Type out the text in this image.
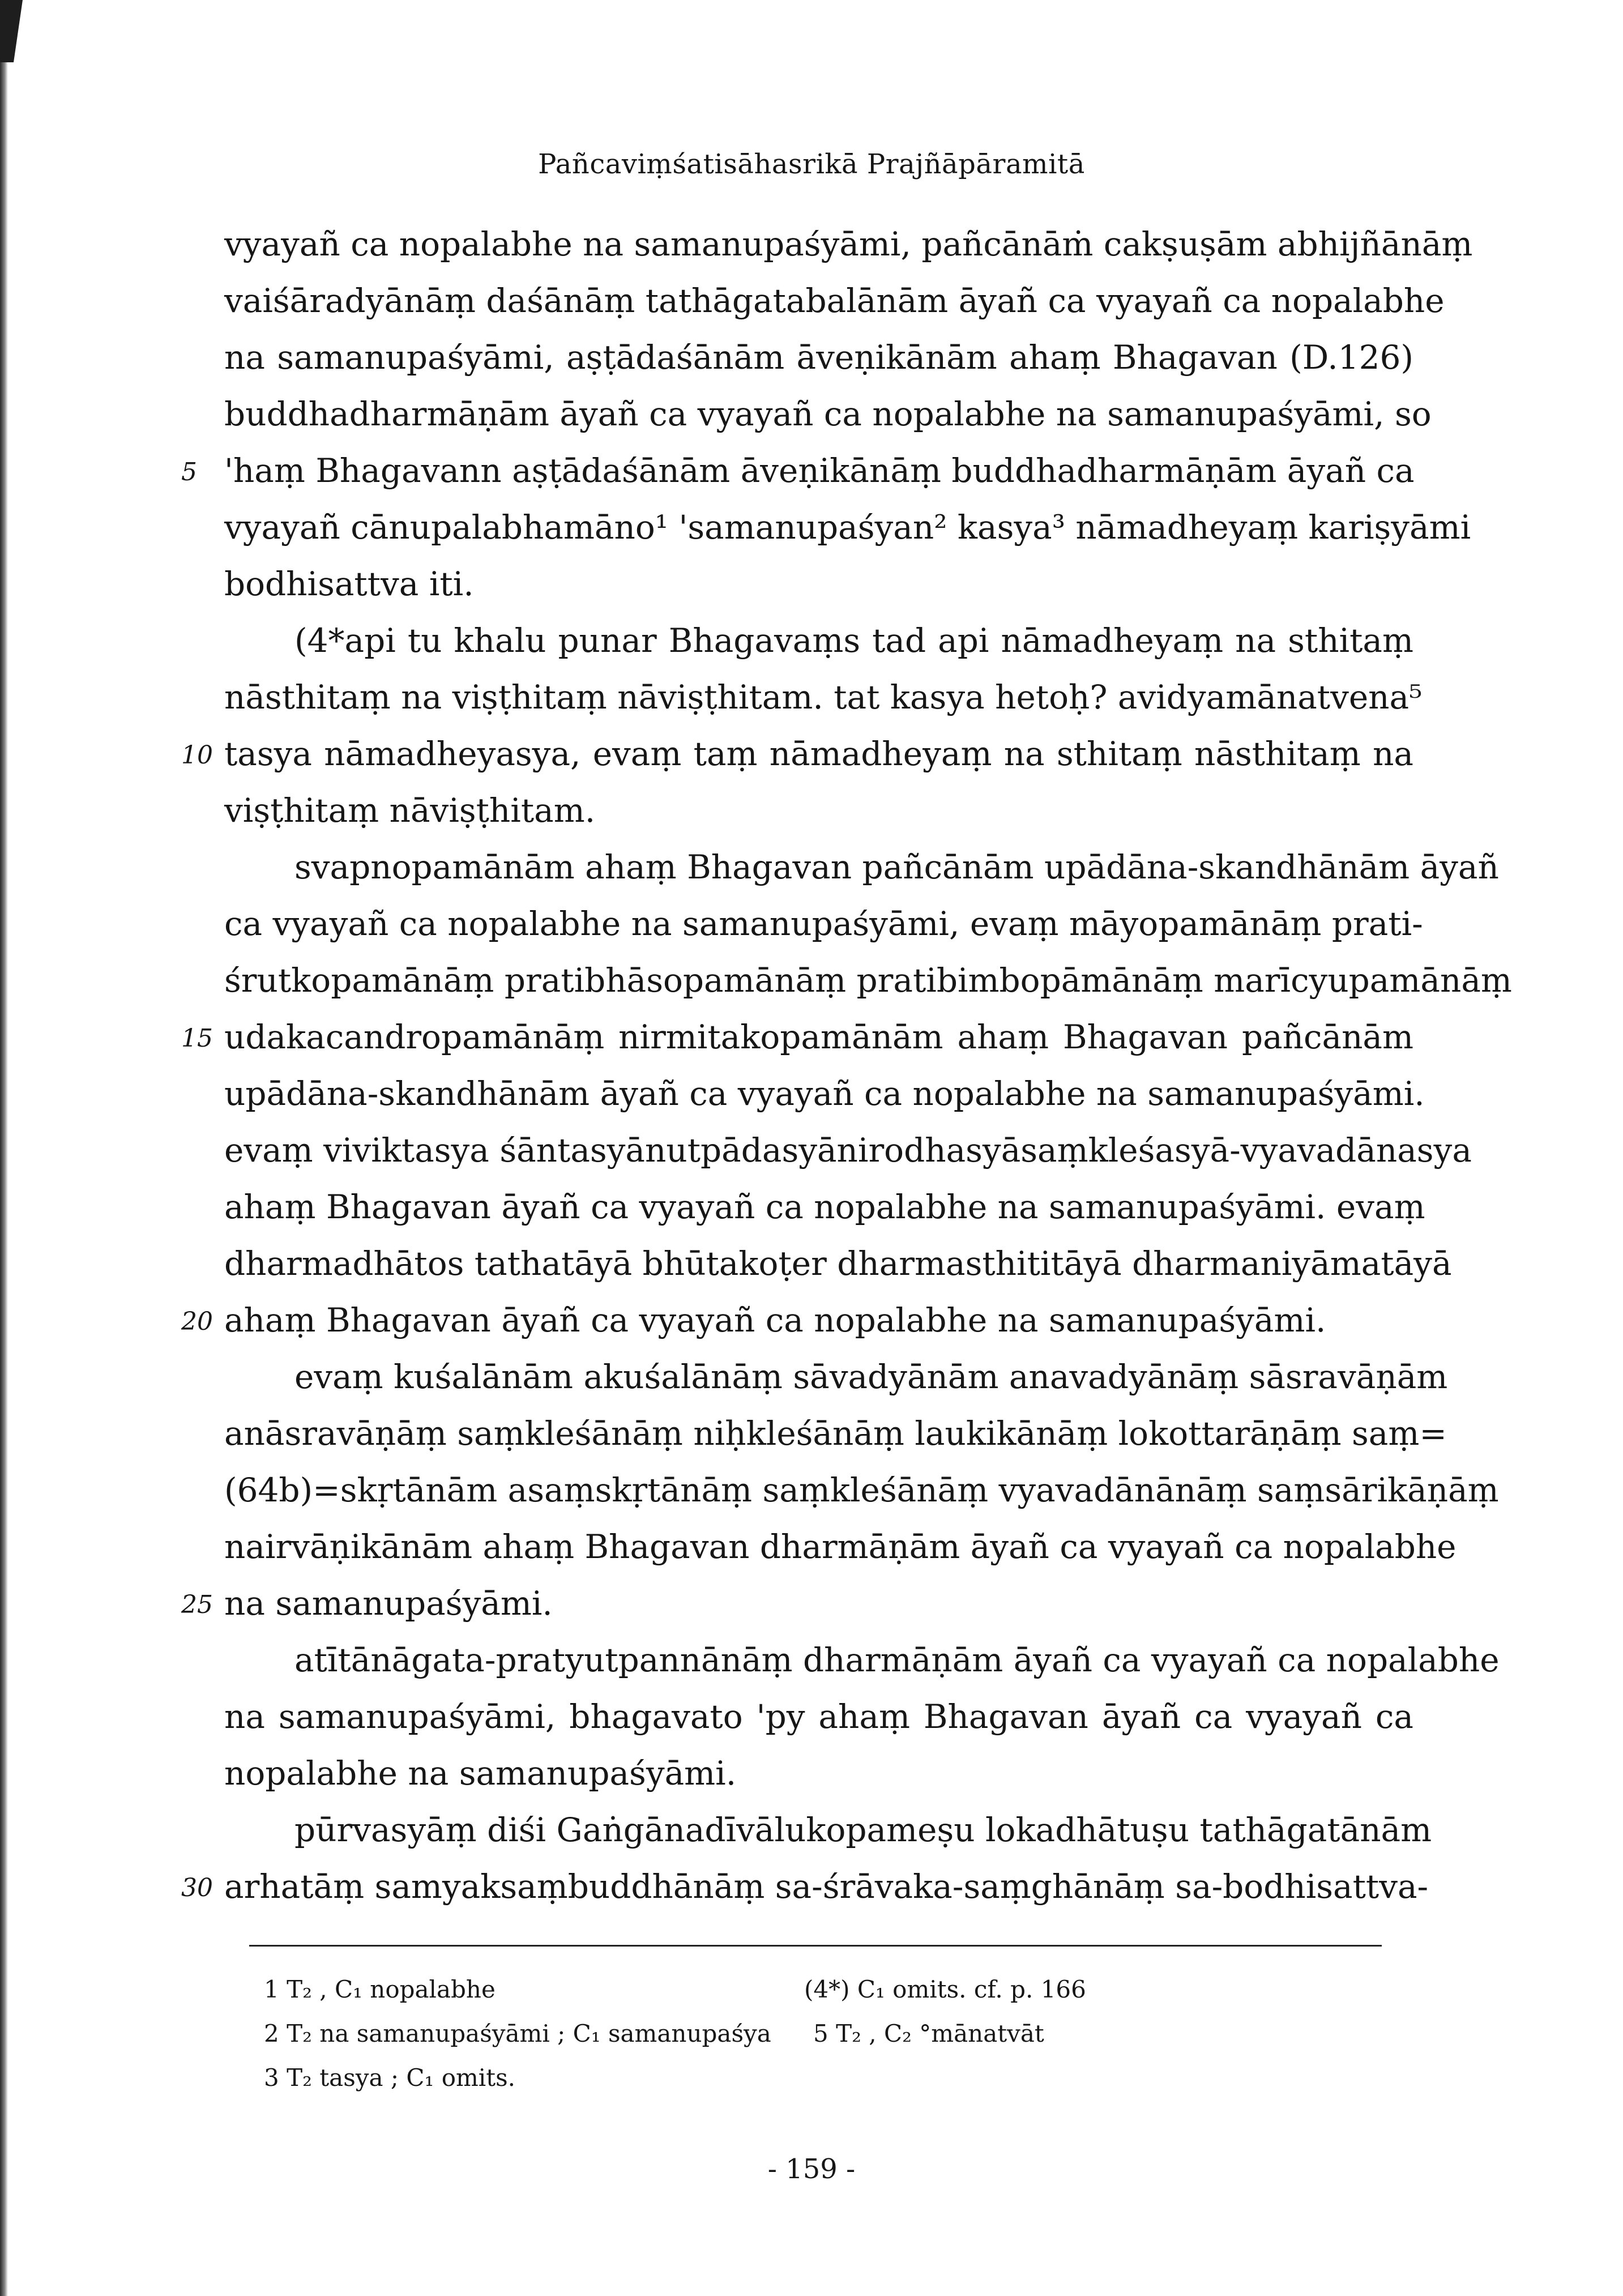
Pañcaviṃśatisāhasrikā Prajñāpāramitā
vyayañ ca nopalabhe na samanupaśyāmi, pañcānāṁ cakṣuṣām abhijñānāṃ
vaiśāradyānāṃ daśānāṃ tathāgatabalānām āyañ ca vyayañ ca nopalabhe
na samanupaśyāmi, aṣṭādaśānām āveṇikānām ahaṃ Bhagavan (D.126)
buddhadharmāṇām āyañ ca vyayañ ca nopalabhe na samanupaśyāmi, so
'haṃ Bhagavann aṣṭādaśānām āveṇikānāṃ buddhadharmāṇām āyañ ca
vyayañ cānupalabhamāno¹ 'samanupaśyan² kasya³ nāmadheyaṃ kariṣyāmi
bodhisattva iti.
(4*api tu khalu punar Bhagavaṃs tad api nāmadheyaṃ na sthitaṃ
nāsthitaṃ na viṣṭhitaṃ nāviṣṭhitam. tat kasya hetoḥ? avidyamānatvena⁵
tasya nāmadheyasya, evaṃ taṃ nāmadheyaṃ na sthitaṃ nāsthitaṃ na
viṣṭhitaṃ nāviṣṭhitam.
svapnopamānām ahaṃ Bhagavan pañcānām upādāna-skandhānām āyañ
ca vyayañ ca nopalabhe na samanupaśyāmi, evaṃ māyopamānāṃ prati-
śrutkopamānāṃ pratibhāsopamānāṃ pratibimbopāmānāṃ marīcyupamānāṃ
udakacandropamānāṃ nirmitakopamānām ahaṃ Bhagavan pañcānām
upādāna-skandhānām āyañ ca vyayañ ca nopalabhe na samanupaśyāmi.
evaṃ viviktasya śāntasyānutpādasyānirodhasyāsaṃkleśasyā-vyavadānasya
ahaṃ Bhagavan āyañ ca vyayañ ca nopalabhe na samanupaśyāmi. evaṃ
dharmadhātos tathatāyā bhūtakoṭer dharmasthititāyā dharmaniyāmatāyā
ahaṃ Bhagavan āyañ ca vyayañ ca nopalabhe na samanupaśyāmi.
evaṃ kuśalānām akuśalānāṃ sāvadyānām anavadyānāṃ sāsravāṇām
anāsravāṇāṃ saṃkleśānāṃ niḥkleśānāṃ laukikānāṃ lokottarāṇāṃ saṃ=
(64b)=skṛtānām asaṃskṛtānāṃ saṃkleśānāṃ vyavadānānāṃ saṃsārikāṇāṃ
nairvāṇikānām ahaṃ Bhagavan dharmāṇām āyañ ca vyayañ ca nopalabhe
na samanupaśyāmi.
atītānāgata-pratyutpannānāṃ dharmāṇām āyañ ca vyayañ ca nopalabhe
na samanupaśyāmi, bhagavato 'py ahaṃ Bhagavan āyañ ca vyayañ ca
nopalabhe na samanupaśyāmi.
pūrvasyāṃ diśi Gaṅgānadīvālukopameṣu lokadhātuṣu tathāgatānām
arhatāṃ samyaksaṃbuddhānāṃ sa-śrāvaka-saṃghānāṃ sa-bodhisattva-
5
10
15
20
25
30
1 T₂ , C₁ nopalabhe
2 T₂ na samanupaśyāmi ; C₁ samanupaśya
3 T₂ tasya ; C₁ omits.
(4*) C₁ omits. cf. p. 166
5 T₂ , C₂ °mānatvāt
- 159 -
